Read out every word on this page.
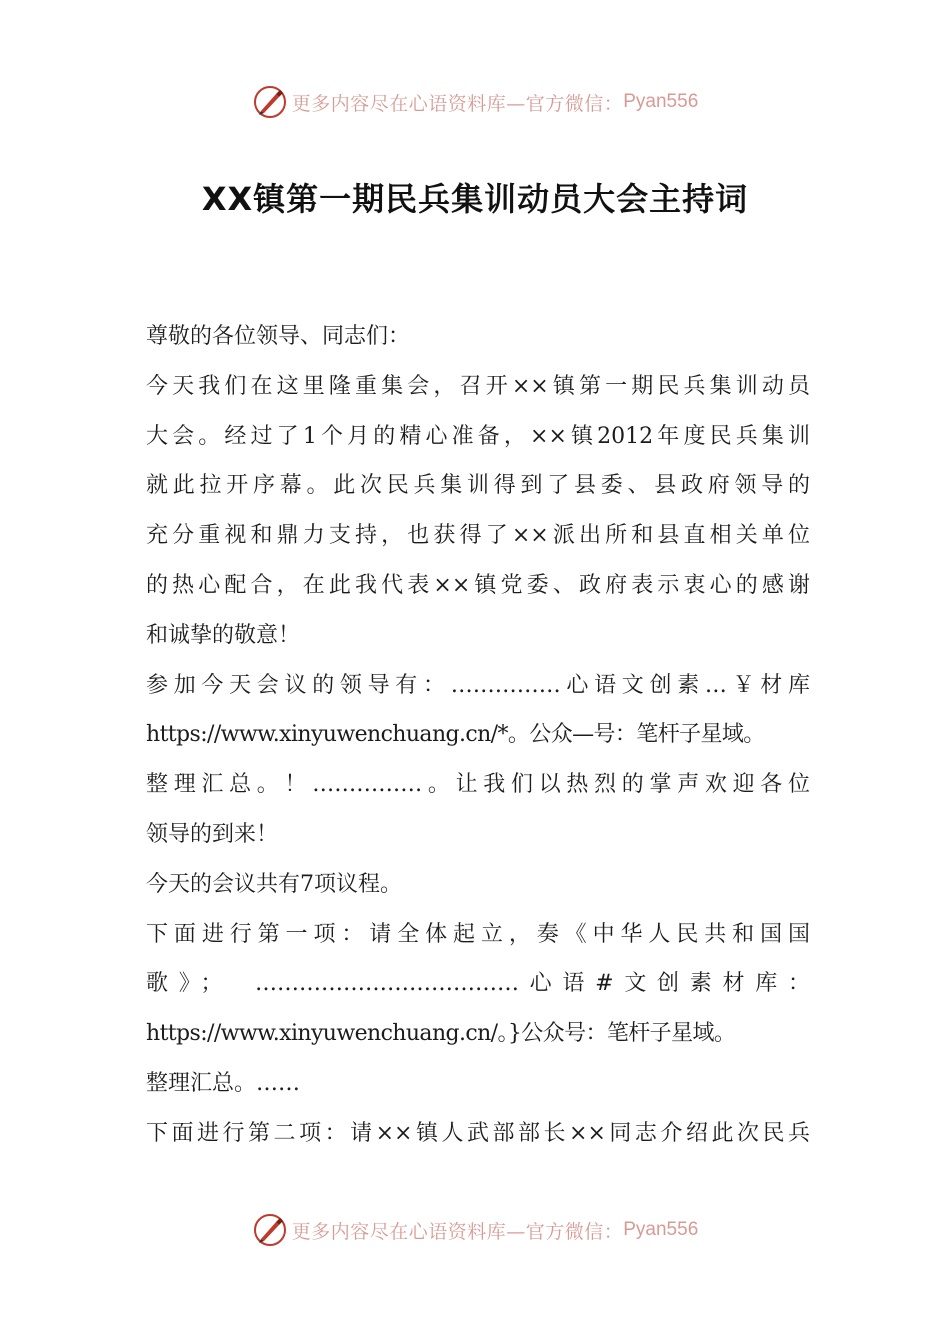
更多内容尽在心语资料库—官方微信： Pyan556
XX镇第一期民兵集训动员大会主持词
尊敬的各位领导、同志们：
今天我们在这里隆重集会，召开××镇第一期民兵集训动员
大会。经过了1个月的精心准备，××镇2012年度民兵集训
就此拉开序幕。此次民兵集训得到了县委、县政府领导的
充分重视和鼎力支持，也获得了××派出所和县直相关单位
的热心配合，在此我代表××镇党委、政府表示衷心的感谢
和诚挚的敬意！
参加今天会议的领导有：……………心语文创素…￥材库
https://www.xinyuwenchuang.cn/*。公众—号：笔杆子星域。
整理汇总。！……………。让我们以热烈的掌声欢迎各位
领导的到来！
今天的会议共有7项议程。
下面进行第一项：请全体起立，奏《中华人民共和国国
歌》；　………………………………心语#文创素材库：
https://www.xinyuwenchuang.cn/。}公众号：笔杆子星域。
整理汇总。……
下面进行第二项：请××镇人武部部长××同志介绍此次民兵
更多内容尽在心语资料库—官方微信： Pyan556
